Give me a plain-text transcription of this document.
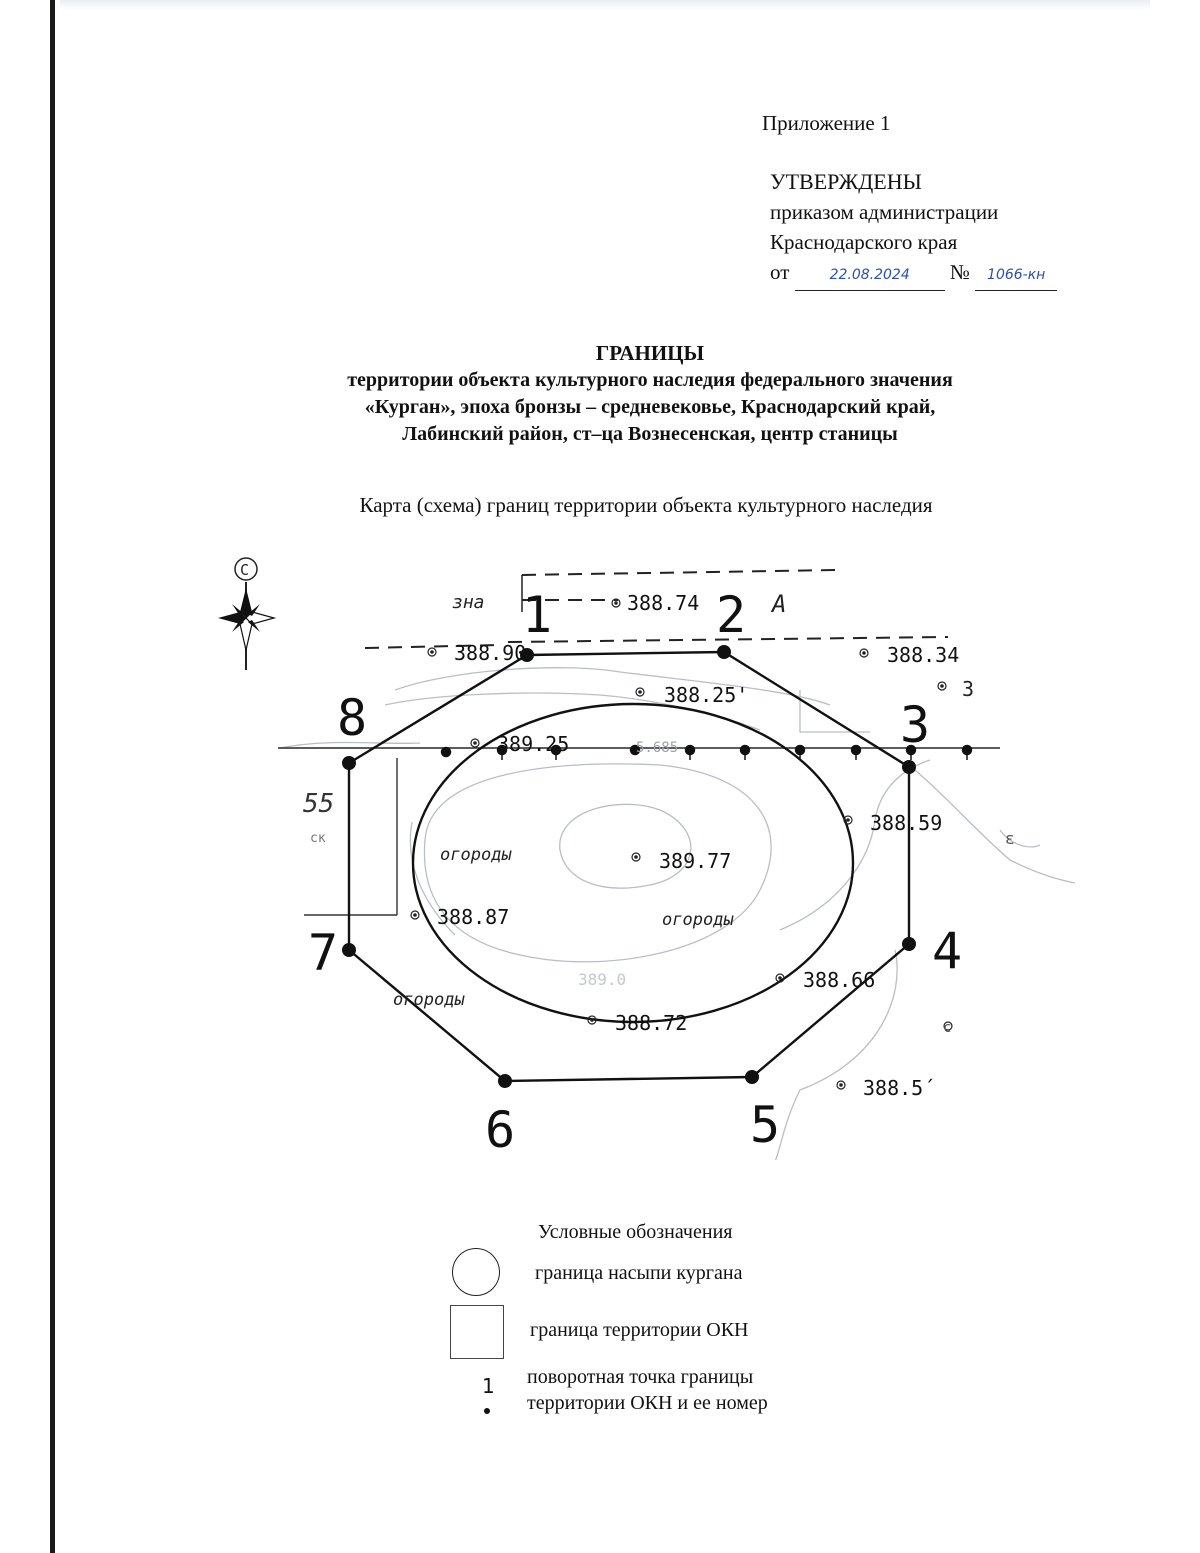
Приложение 1
УТВЕРЖДЕНЫ
приказом администрации
Краснодарского края
от	22.08.2024 № 1066-кн
ГРАНИЦЫ
территории объекта культурного наследия федерального значения
«Курган», эпоха бронзы – средневековье, Краснодарский край,
Лабинский район, ст–ца Вознесенская, центр станицы
Карта (схема) границ территории объекта культурного наследия
1	2
3
4
5
6
7
8
388.74
388.90	388.34
388.25'
389.25
389.77
388.59
388.87
388.66
388.72
388.5´
зна	А
3
5.685
389.0
ε
с
ск
огороды
огороды
огороды
55
С
Условные обозначения
граница насыпи кургана
граница территории ОКН
1 поворотная точка границы
территории ОКН и ее номер
